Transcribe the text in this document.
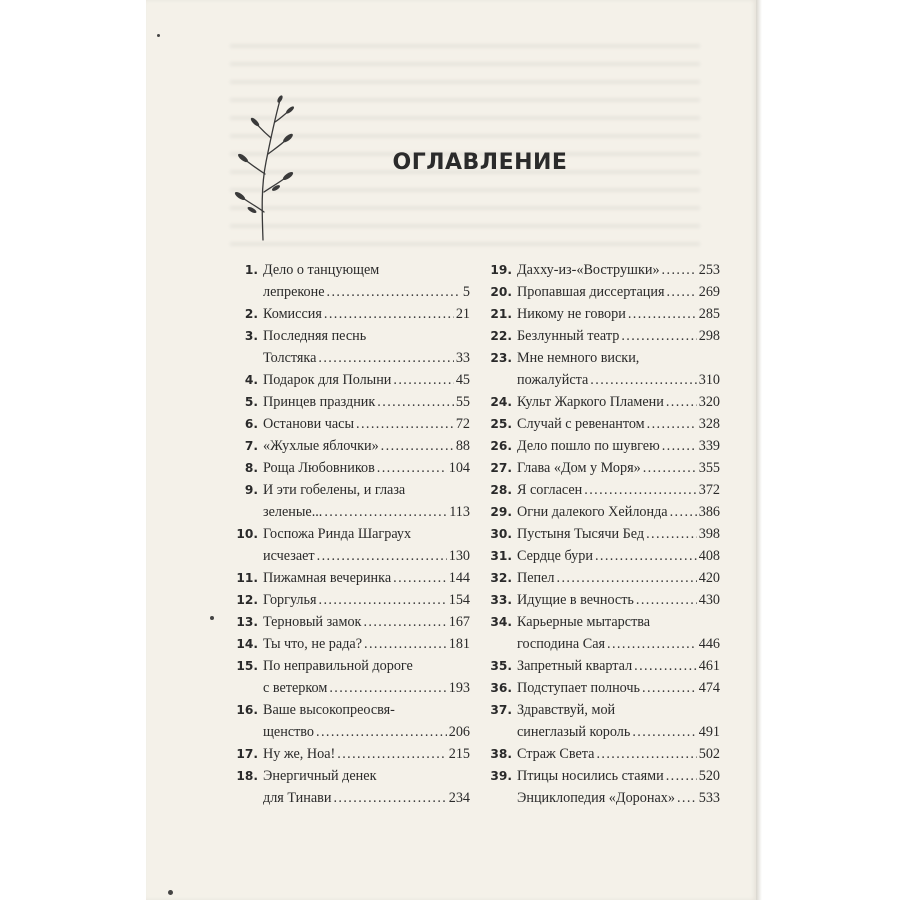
ОГЛАВЛЕНИЕ
1. Дело о танцующем
лепреконе .....	5
2. Комиссия .....	21
3. Последняя песнь
Толстяка .....	33
4. Подарок для Полыни .....	45
5. Принцев праздник .....	55
6. Останови часы .....	72
7. «Жухлые яблочки» .....	88
8. Роща Любовников .....	104
9. И эти гобелены, и глаза
зеленые... .....	113
10. Госпожа Ринда Шаграух
исчезает .....	130
11. Пижамная вечеринка .....	144
12. Горгулья .....	154
13. Терновый замок .....	167
14. Ты что, не рада? .....	181
15. По неправильной дороге
с ветерком .....	193
16. Ваше высокопреосвя-
щенство .....	206
17. Ну же, Ноа! .....	215
18. Энергичный денек
для Тинави .....	234
19. Дахху-из-«Вострушки» .....	253
20. Пропавшая диссертация ..... 269
21. Никому не говори .....	285
22. Безлунный театр .....	298
23. Мне немного виски,
пожалуйста .....	310
24. Культ Жаркого Пламени ..... 320
25. Случай с ревенантом .....	328
26. Дело пошло по шувгею .....	339
27. Глава «Дом у Моря» .....	355
28. Я согласен .....	372
29. Огни далекого Хейлонда ..... 386
30. Пустыня Тысячи Бед .....	398
31. Сердце бури .....	408
32. Пепел .....	420
33. Идущие в вечность .....	430
34. Карьерные мытарства
господина Сая .....	446
35. Запретный квартал .....	461
36. Подступает полночь .....	474
37. Здравствуй, мой
синеглазый король .....	491
38. Страж Света .....	502
39. Птицы носились стаями ..... 520
Энциклопедия «Доронах» ..... 533
